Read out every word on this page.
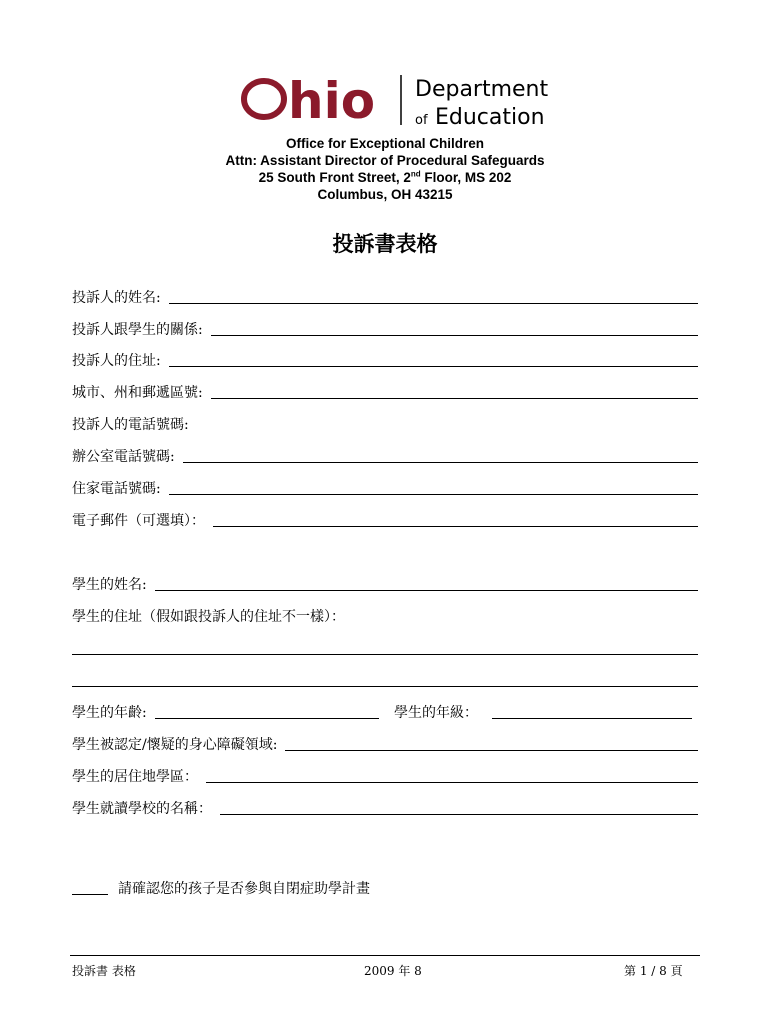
hio Department
of Education
Office for Exceptional Children
Attn: Assistant Director of Procedural Safeguards
25 South Front Street, 2nd Floor, MS 202
Columbus, OH 43215
投訴書表格
投訴人的姓名:
投訴人跟學生的關係:
投訴人的住址:
城市、州和郵遞區號:
投訴人的電話號碼:
辦公室電話號碼:
住家電話號碼:
電子郵件（可選填）：
學生的姓名:
學生的住址（假如跟投訴人的住址不一樣）：
學生的年齡:	學生的年級：
學生被認定/懷疑的身心障礙領域:
學生的居住地學區：
學生就讀學校的名稱：
請確認您的孩子是否參與自閉症助學計畫
投訴書 表格	2009 年 8	第 1 / 8 頁
